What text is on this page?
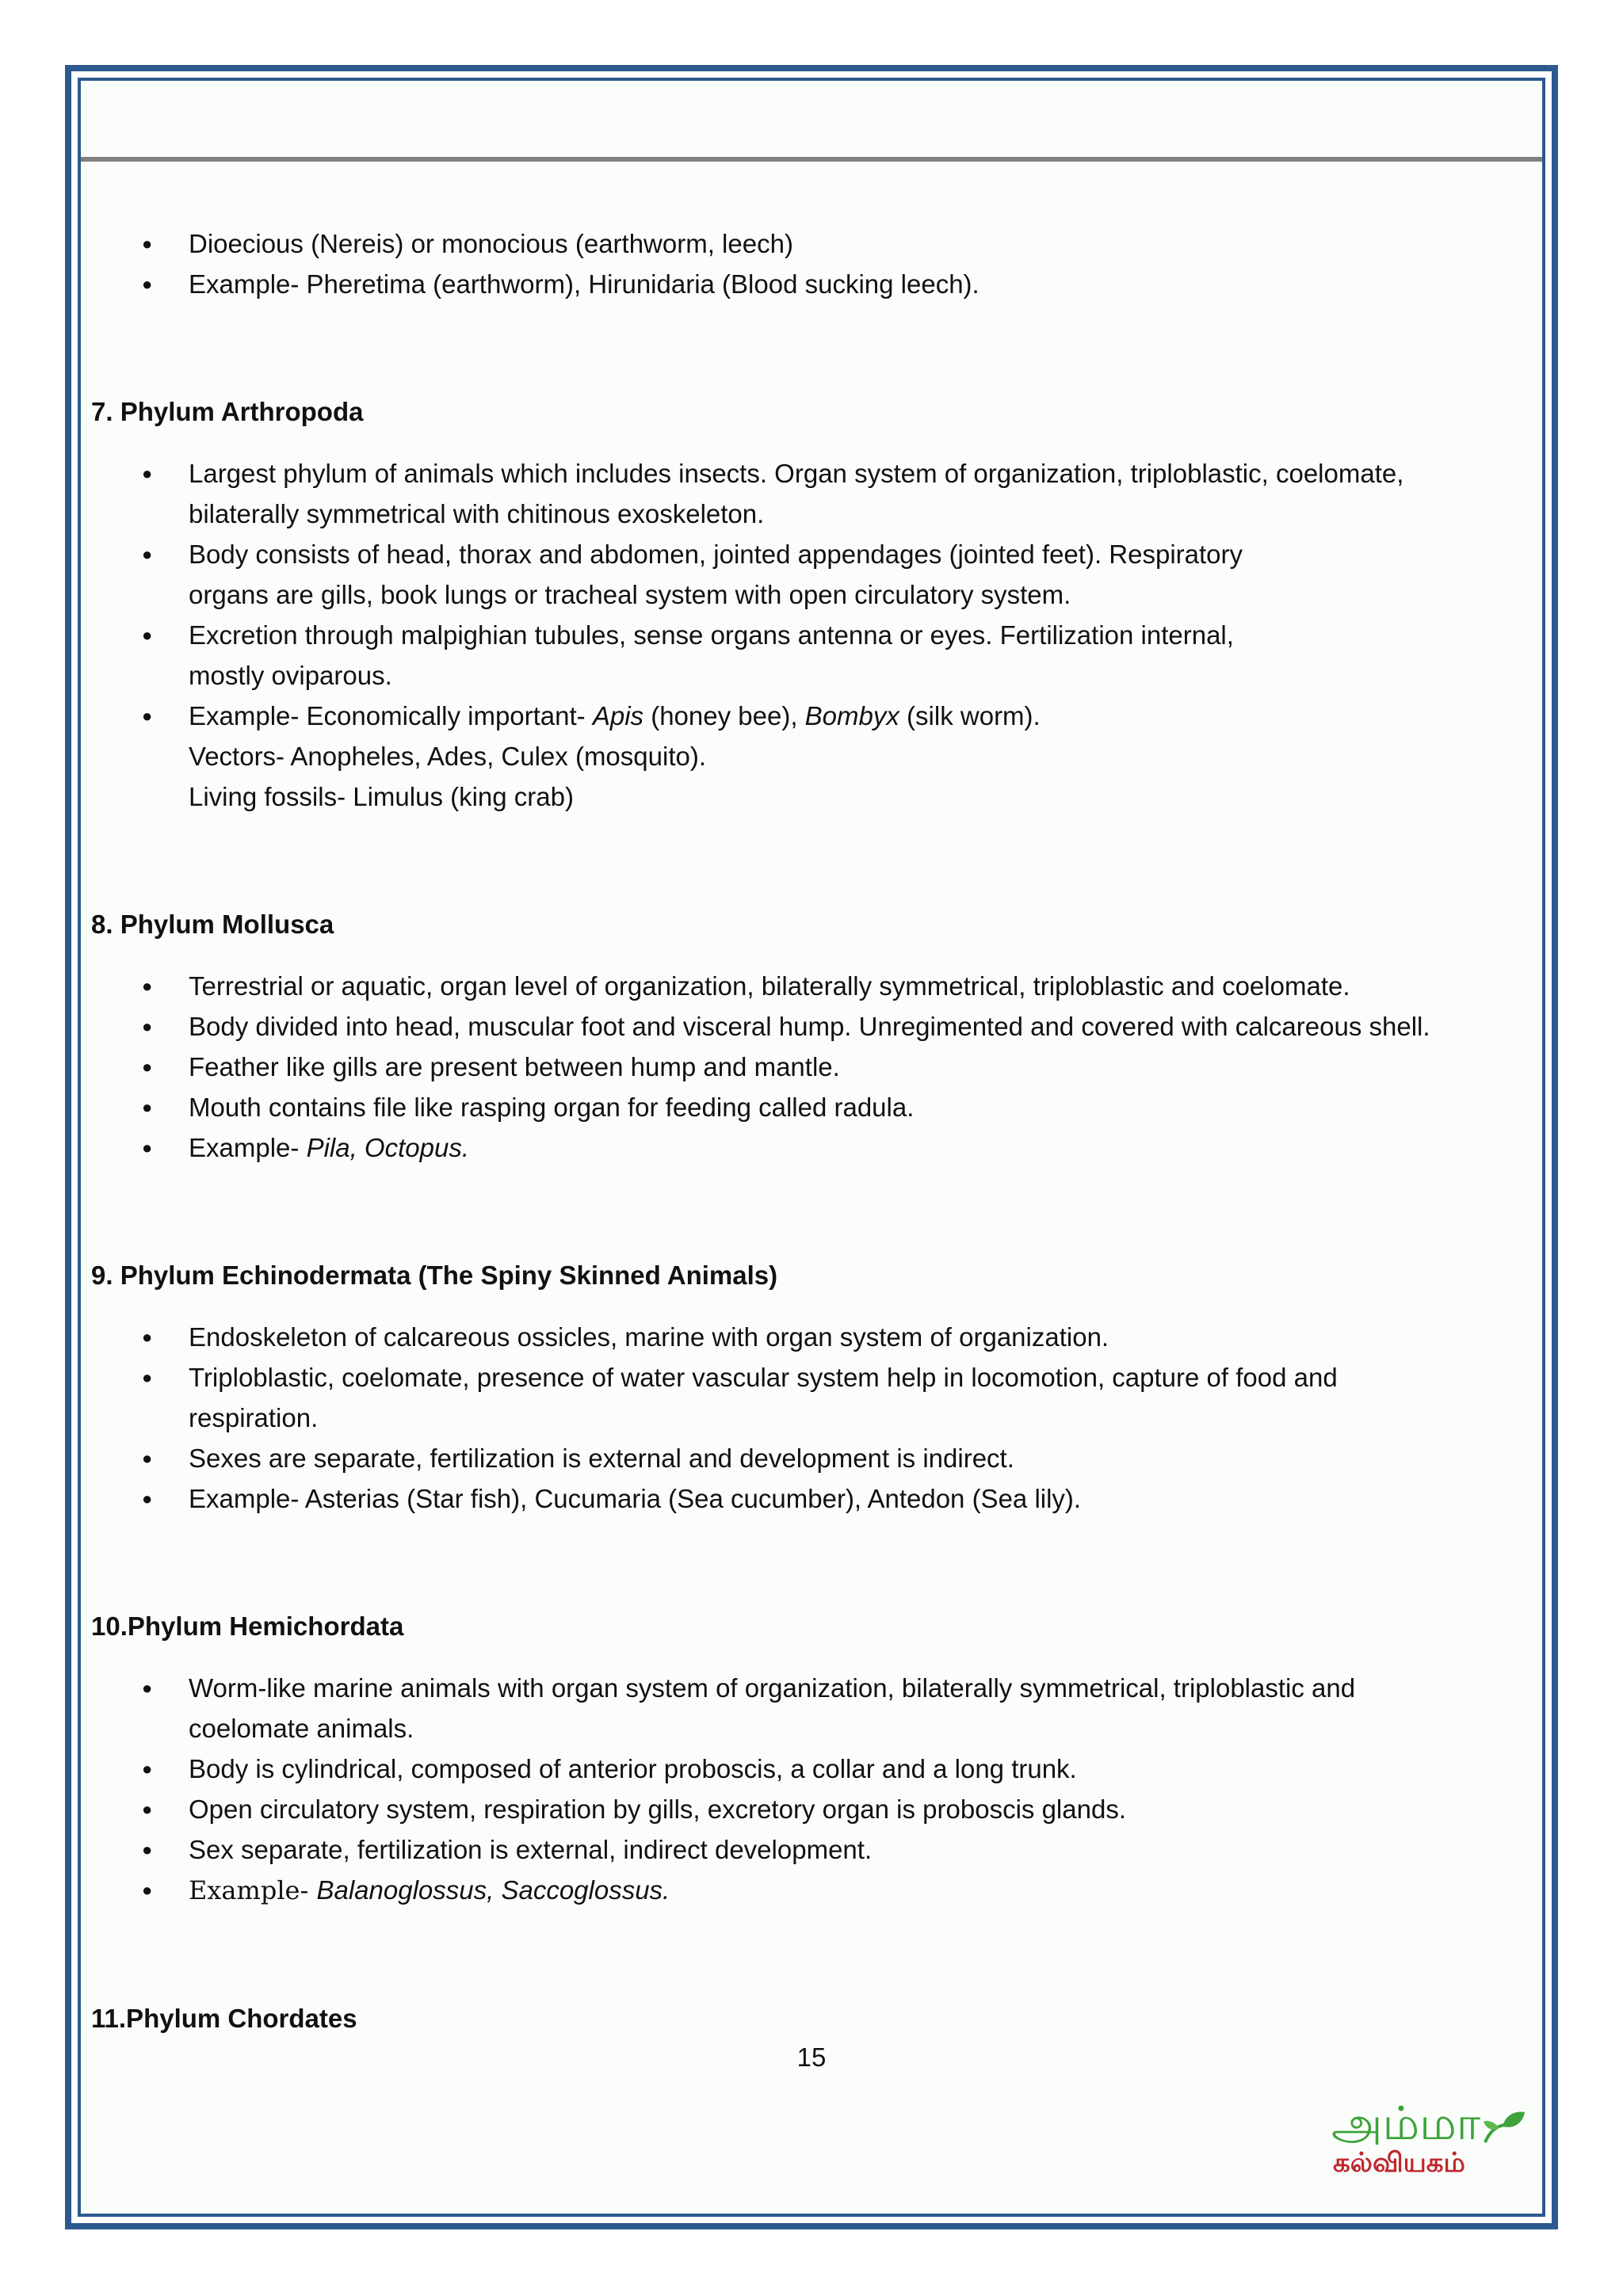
● Dioecious (Nereis) or monocious (earthworm, leech)
● Example- Pheretima (earthworm), Hirunidaria (Blood sucking leech).

7. Phylum Arthropoda

● Largest phylum of animals which includes insects. Organ system of organization, triploblastic, coelomate,
bilaterally symmetrical with chitinous exoskeleton.
● Body consists of head, thorax and abdomen, jointed appendages (jointed feet). Respiratory
organs are gills, book lungs or tracheal system with open circulatory system.
● Excretion through malpighian tubules, sense organs antenna or eyes. Fertilization internal,
mostly oviparous.
● Example- Economically important- Apis (honey bee), Bombyx (silk worm).
Vectors- Anopheles, Ades, Culex (mosquito).
Living fossils- Limulus (king crab)

8. Phylum Mollusca

● Terrestrial or aquatic, organ level of organization, bilaterally symmetrical, triploblastic and coelomate.
● Body divided into head, muscular foot and visceral hump. Unregimented and covered with calcareous shell.
● Feather like gills are present between hump and mantle.
● Mouth contains file like rasping organ for feeding called radula.
● Example- Pila, Octopus.

9. Phylum Echinodermata (The Spiny Skinned Animals)

● Endoskeleton of calcareous ossicles, marine with organ system of organization.
● Triploblastic, coelomate, presence of water vascular system help in locomotion, capture of food and
respiration.
● Sexes are separate, fertilization is external and development is indirect.
● Example- Asterias (Star fish), Cucumaria (Sea cucumber), Antedon (Sea lily).

10.Phylum Hemichordata

● Worm-like marine animals with organ system of organization, bilaterally symmetrical, triploblastic and
coelomate animals.
● Body is cylindrical, composed of anterior proboscis, a collar and a long trunk.
● Open circulatory system, respiration by gills, excretory organ is proboscis glands.
● Sex separate, fertilization is external, indirect development.
● Example- Balanoglossus, Saccoglossus.

11.Phylum Chordates

15
அம்மா
கல்வியகம்
